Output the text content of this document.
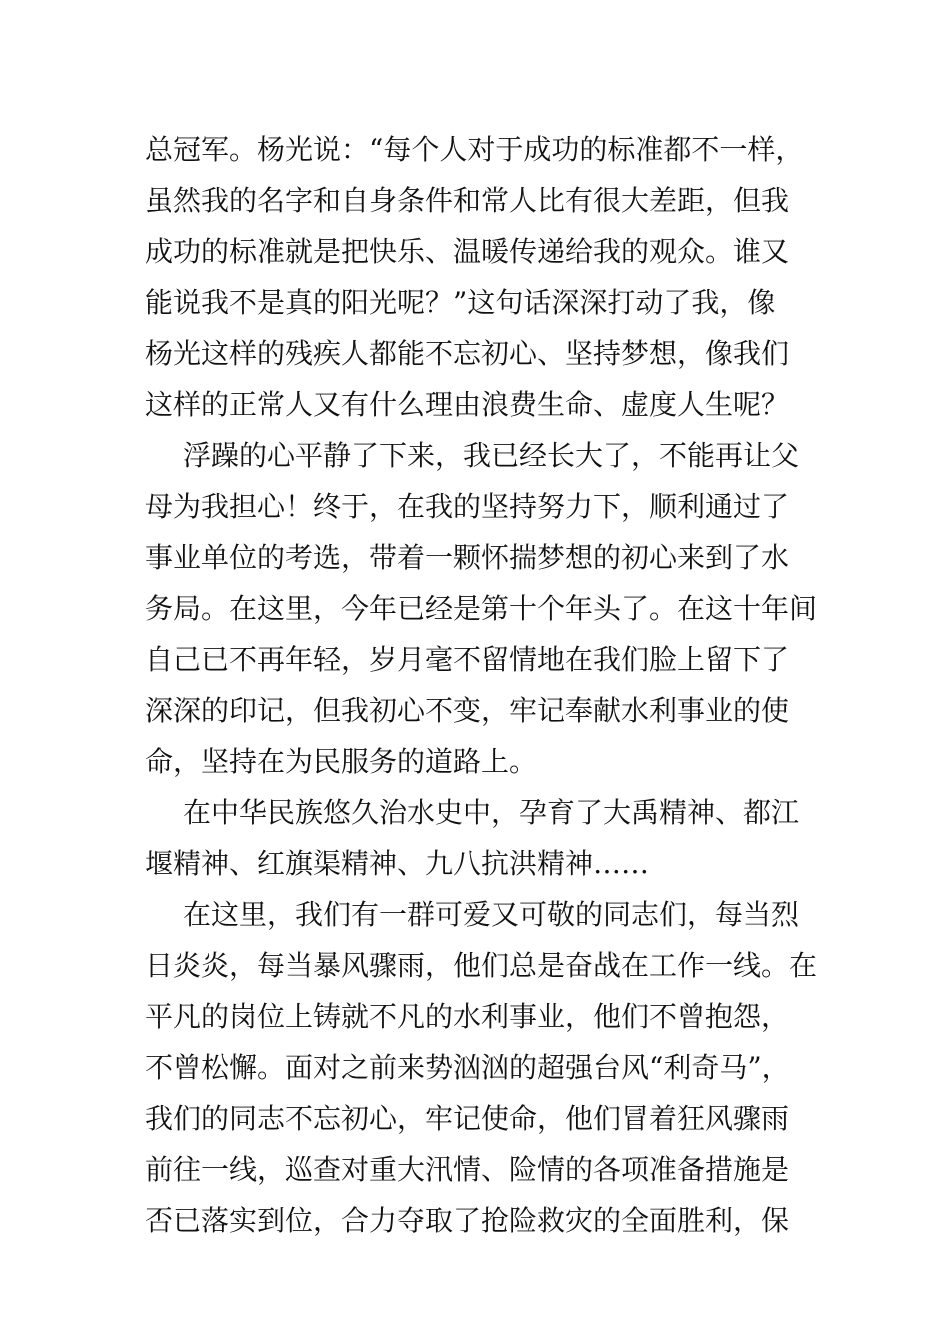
总冠军。杨光说：“每个人对于成功的标准都不一样，
虽然我的名字和自身条件和常人比有很大差距，但我
成功的标准就是把快乐、温暖传递给我的观众。谁又
能说我不是真的阳光呢？”这句话深深打动了我，像
杨光这样的残疾人都能不忘初心、坚持梦想，像我们
这样的正常人又有什么理由浪费生命、虚度人生呢？
浮躁的心平静了下来，我已经长大了，不能再让父
母为我担心！终于，在我的坚持努力下，顺利通过了
事业单位的考选，带着一颗怀揣梦想的初心来到了水
务局。在这里，今年已经是第十个年头了。在这十年间
自己已不再年轻，岁月毫不留情地在我们脸上留下了
深深的印记，但我初心不变，牢记奉献水利事业的使
命，坚持在为民服务的道路上。
在中华民族悠久治水史中，孕育了大禹精神、都江
堰精神、红旗渠精神、九八抗洪精神……
在这里，我们有一群可爱又可敬的同志们，每当烈
日炎炎，每当暴风骤雨，他们总是奋战在工作一线。在
平凡的岗位上铸就不凡的水利事业，他们不曾抱怨，
不曾松懈。面对之前来势汹汹的超强台风“利奇马”，
我们的同志不忘初心，牢记使命，他们冒着狂风骤雨
前往一线，巡查对重大汛情、险情的各项准备措施是
否已落实到位，合力夺取了抢险救灾的全面胜利，保
